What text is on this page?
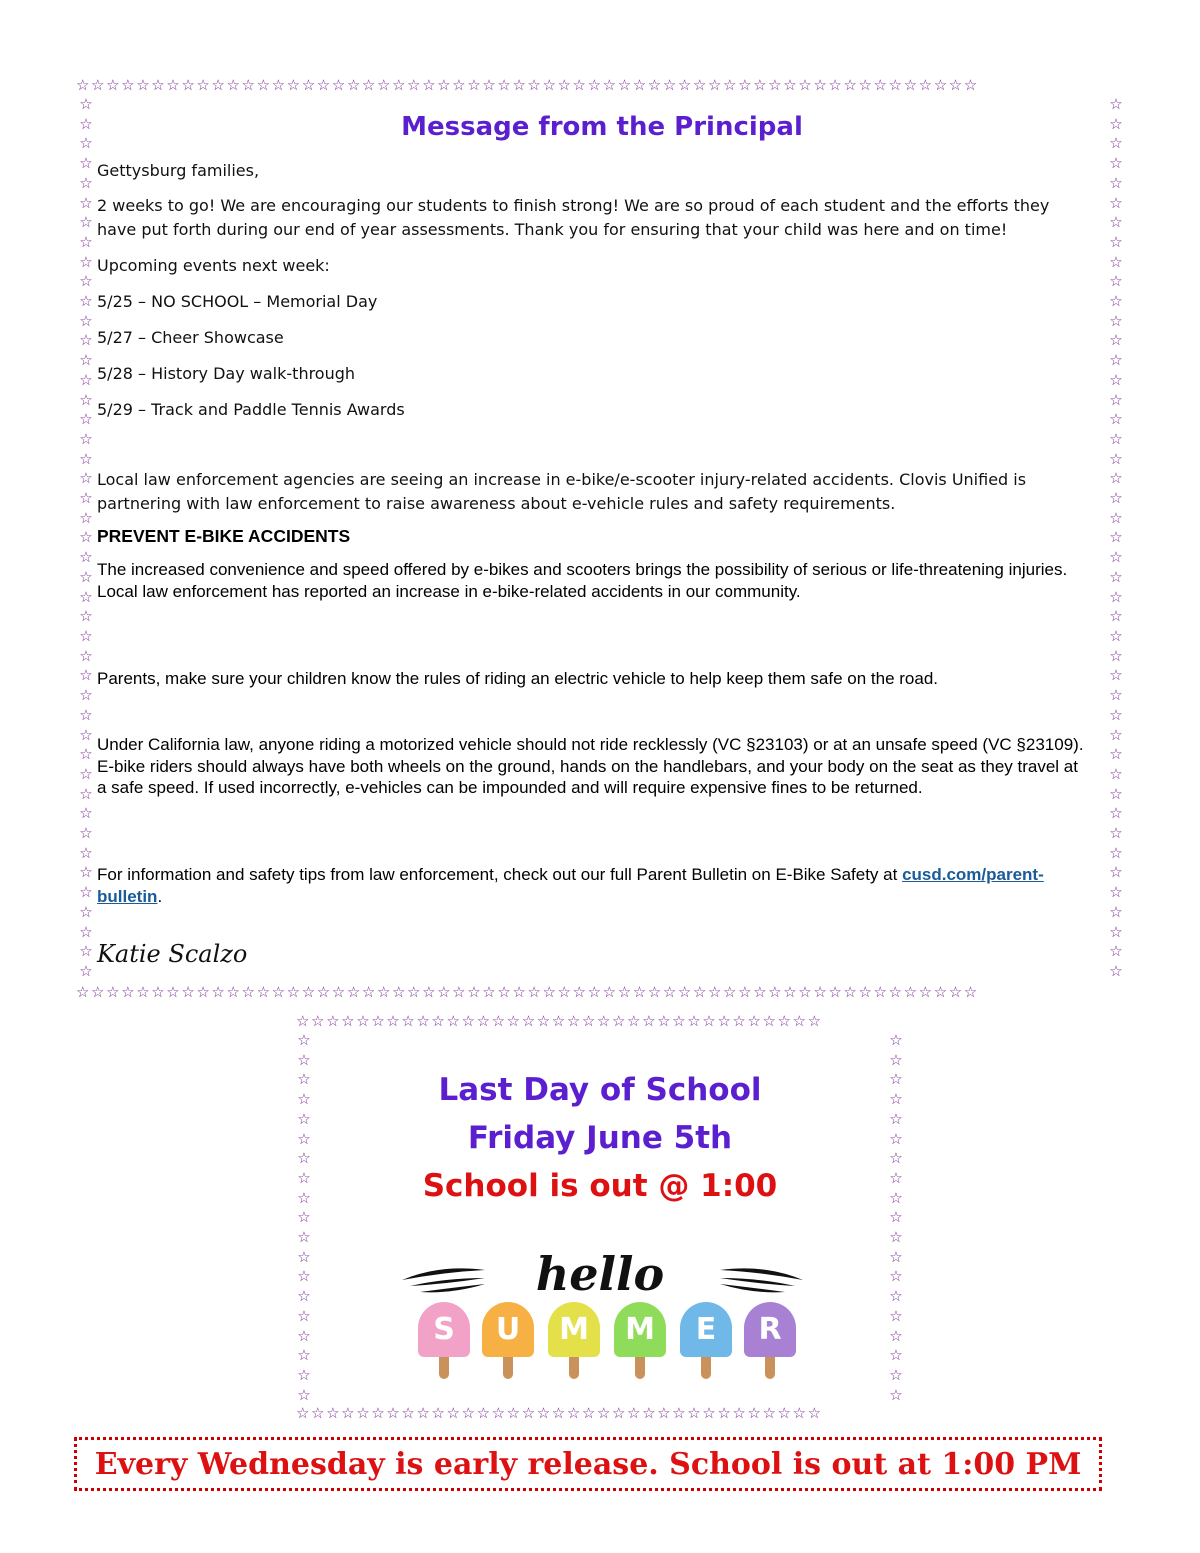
☆☆☆☆☆☆☆☆☆☆☆☆☆☆☆☆☆☆☆☆☆☆☆☆☆☆☆☆☆☆☆☆☆☆☆☆☆☆☆☆☆☆☆☆☆☆☆☆☆☆☆☆☆☆☆☆☆☆☆☆
☆☆☆☆☆☆☆☆☆☆☆☆☆☆☆☆☆☆☆☆☆☆☆☆☆☆☆☆☆☆☆☆☆☆☆☆☆☆☆☆☆☆☆☆☆☆☆☆☆☆☆☆☆☆☆☆☆☆☆☆
☆☆☆☆☆☆☆☆☆☆☆☆☆☆☆☆☆☆☆☆☆☆☆☆☆☆☆☆☆☆☆☆☆☆☆☆☆☆☆☆☆☆☆☆☆
☆☆☆☆☆☆☆☆☆☆☆☆☆☆☆☆☆☆☆☆☆☆☆☆☆☆☆☆☆☆☆☆☆☆☆☆☆☆☆☆☆☆☆☆☆
Message from the Principal
Gettysburg families,
2 weeks to go! We are encouraging our students to finish strong! We are so proud of each student and the efforts they have put forth during our end of year assessments. Thank you for ensuring that your child was here and on time!
Upcoming events next week:
5/25 – NO SCHOOL – Memorial Day
5/27 – Cheer Showcase
5/28 – History Day walk-through
5/29 – Track and Paddle Tennis Awards
Local law enforcement agencies are seeing an increase in e-bike/e-scooter injury-related accidents. Clovis Unified is partnering with law enforcement to raise awareness about e-vehicle rules and safety requirements.
PREVENT E-BIKE ACCIDENTS
The increased convenience and speed offered by e-bikes and scooters brings the possibility of serious or life-threatening injuries. Local law enforcement has reported an increase in e-bike-related accidents in our community.
Parents, make sure your children know the rules of riding an electric vehicle to help keep them safe on the road.
Under California law, anyone riding a motorized vehicle should not ride recklessly (VC §23103) or at an unsafe speed (VC §23109). E-bike riders should always have both wheels on the ground, hands on the handlebars, and your body on the seat as they travel at a safe speed. If used incorrectly, e-vehicles can be impounded and will require expensive fines to be returned.
For information and safety tips from law enforcement, check out our full Parent Bulletin on E-Bike Safety at cusd.com/parent-bulletin.
Katie Scalzo
☆☆☆☆☆☆☆☆☆☆☆☆☆☆☆☆☆☆☆☆☆☆☆☆☆☆☆☆☆☆☆☆☆☆☆
☆☆☆☆☆☆☆☆☆☆☆☆☆☆☆☆☆☆☆☆☆☆☆☆☆☆☆☆☆☆☆☆☆☆☆
☆☆☆☆☆☆☆☆☆☆☆☆☆☆☆☆☆☆☆
☆☆☆☆☆☆☆☆☆☆☆☆☆☆☆☆☆☆☆
Last Day of School
Friday June 5th
School is out @ 1:00
hello
S	U	M	M	E	R
Every Wednesday is early release. School is out at 1:00 PM
